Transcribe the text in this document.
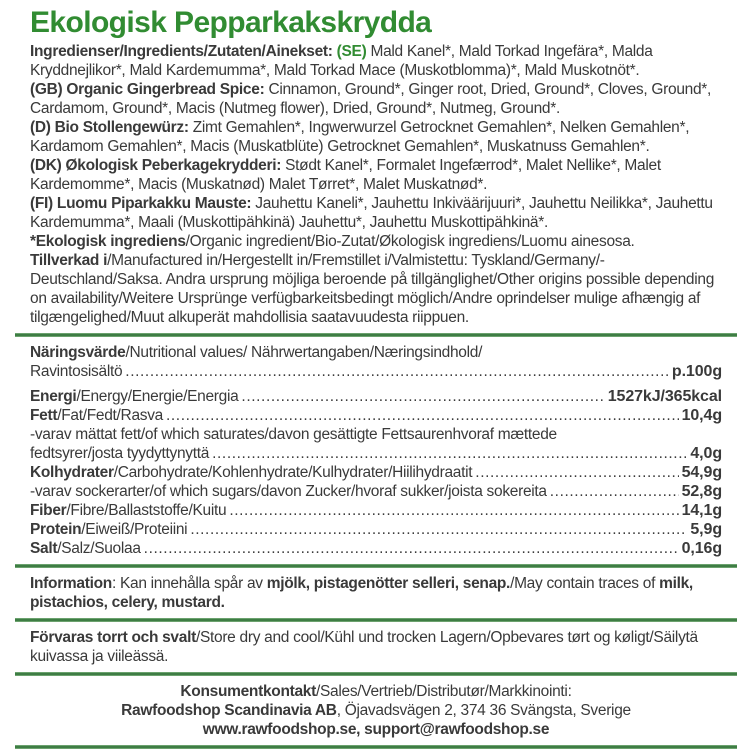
Ekologisk Pepparkakskrydda

Ingredienser/Ingredients/Zutaten/Ainekset: (SE) Mald Kanel*, Mald Torkad Ingefära*, Malda Kryddnejlikor*, Mald Kardemumma*, Mald Torkad Mace (Muskotblomma)*, Mald Muskotnöt*.

(GB) Organic Gingerbread Spice: Cinnamon, Ground*, Ginger root, Dried, Ground*, Cloves, Ground*, Cardamom, Ground*, Macis (Nutmeg flower), Dried, Ground*, Nutmeg, Ground*.

(D) Bio Stollengewürz: Zimt Gemahlen*, Ingwerwurzel Getrocknet Gemahlen*, Nelken Gemahlen*, Kardamom Gemahlen*, Macis (Muskatblüte) Getrocknet Gemahlen*, Muskatnuss Gemahlen*.

(DK) Økologisk Peberkagekrydderi: Stødt Kanel*, Formalet Ingefærrod*, Malet Nellike*, Malet Kardemomme*, Macis (Muskatnød) Malet Tørret*, Malet Muskatnød*.

(FI) Luomu Piparkakku Mauste: Jauhettu Kaneli*, Jauhettu Inkiväärijuuri*, Jauhettu Neilikka*, Jauhettu Kardemumma*, Maali (Muskottipähkinä) Jauhettu*, Jauhettu Muskottipähkinä*.

*Ekologisk ingrediens/Organic ingredient/Bio-Zutat/Økologisk ingrediens/Luomu ainesosa.

Tillverkad i/Manufactured in/Hergestellt in/Fremstillet i/Valmistettu: Tyskland/Germany/-Deutschland/Saksa. Andra ursprung möjliga beroende på tillgänglighet/Other origins possible depending on availability/Weitere Ursprünge verfügbarkeitsbedingt möglich/Andre oprindelser mulige afhængig af tilgængelighed/Muut alkuperät mahdollisia saatavuudesta riippuen.

Näringsvärde/Nutritional values/ Nährwertangaben/Næringsindhold/
Ravintosisältö .....	p.100g
Energi/Energy/Energie/Energia .....	1527kJ/365kcal
Fett/Fat/Fedt/Rasva .....	10,4g
-varav mättat fett/of which saturates/davon gesättigte Fettsaurenhvoraf mættede
fedtsyrer/josta tyydyttynyttä .....	4,0g
Kolhydrater/Carbohydrate/Kohlenhydrate/Kulhydrater/Hiilihydraatit .....	54,9g
-varav sockerarter/of which sugars/davon Zucker/hvoraf sukker/joista sokereita .....	52,8g
Fiber/Fibre/Ballaststoffe/Kuitu .....	14,1g
Protein/Eiweiß/Proteiini .....	5,9g
Salt/Salz/Suolaa .....	0,16g

Information: Kan innehålla spår av mjölk, pistagenötter selleri, senap./May contain traces of milk, pistachios, celery, mustard.

Förvaras torrt och svalt/Store dry and cool/Kühl und trocken Lagern/Opbevares tørt og køligt/Säilytä kuivassa ja viileässä.

Konsumentkontakt/Sales/Vertrieb/Distributør/Markkinointi:

Rawfoodshop Scandinavia AB, Öjavadsvägen 2, 374 36 Svängsta, Sverige

www.rawfoodshop.se, support@rawfoodshop.se
